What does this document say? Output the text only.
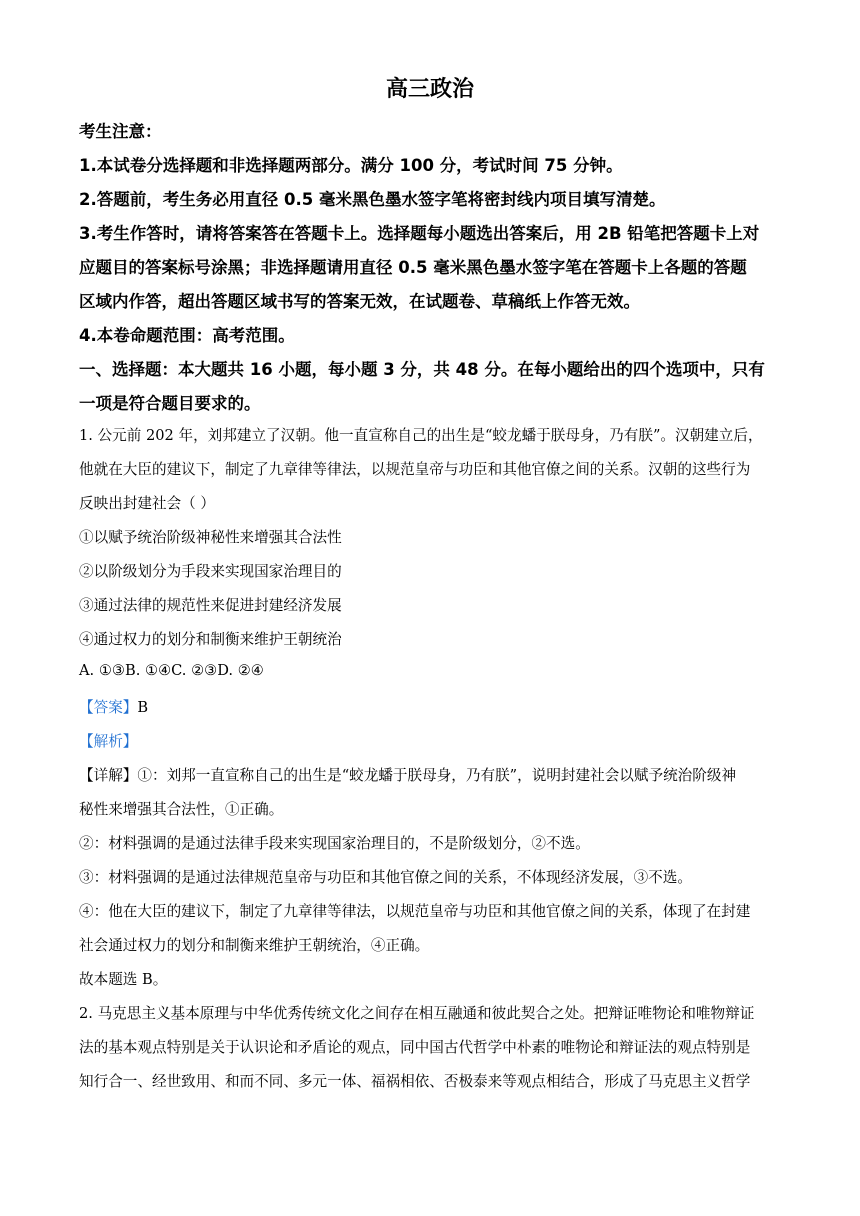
高三政治
考生注意：
1.本试卷分选择题和非选择题两部分。满分 100 分，考试时间 75 分钟。
2.答题前，考生务必用直径 0.5 毫米黑色墨水签字笔将密封线内项目填写清楚。
3.考生作答时，请将答案答在答题卡上。选择题每小题选出答案后，用 2B 铅笔把答题卡上对
应题目的答案标号涂黑；非选择题请用直径 0.5 毫米黑色墨水签字笔在答题卡上各题的答题
区域内作答，超出答题区域书写的答案无效，在试题卷、草稿纸上作答无效。
4.本卷命题范围：高考范围。
一、选择题：本大题共 16 小题，每小题 3 分，共 48 分。在每小题给出的四个选项中，只有
一项是符合题目要求的。
1. 公元前 202 年，刘邦建立了汉朝。他一直宣称自己的出生是“蛟龙蟠于朕母身，乃有朕”。汉朝建立后，
他就在大臣的建议下，制定了九章律等律法，以规范皇帝与功臣和其他官僚之间的关系。汉朝的这些行为
反映出封建社会（ ）
①以赋予统治阶级神秘性来增强其合法性
②以阶级划分为手段来实现国家治理目的
③通过法律的规范性来促进封建经济发展
④通过权力的划分和制衡来维护王朝统治
A. ①③B. ①④C. ②③D. ②④
【答案】B
【解析】
【详解】①：刘邦一直宣称自己的出生是“蛟龙蟠于朕母身，乃有朕”，说明封建社会以赋予统治阶级神
秘性来增强其合法性，①正确。
②：材料强调的是通过法律手段来实现国家治理目的，不是阶级划分，②不选。
③：材料强调的是通过法律规范皇帝与功臣和其他官僚之间的关系，不体现经济发展，③不选。
④：他在大臣的建议下，制定了九章律等律法，以规范皇帝与功臣和其他官僚之间的关系，体现了在封建
社会通过权力的划分和制衡来维护王朝统治，④正确。
故本题选 B。
2. 马克思主义基本原理与中华优秀传统文化之间存在相互融通和彼此契合之处。把辩证唯物论和唯物辩证
法的基本观点特别是关于认识论和矛盾论的观点，同中国古代哲学中朴素的唯物论和辩证法的观点特别是
知行合一、经世致用、和而不同、多元一体、福祸相依、否极泰来等观点相结合，形成了马克思主义哲学
